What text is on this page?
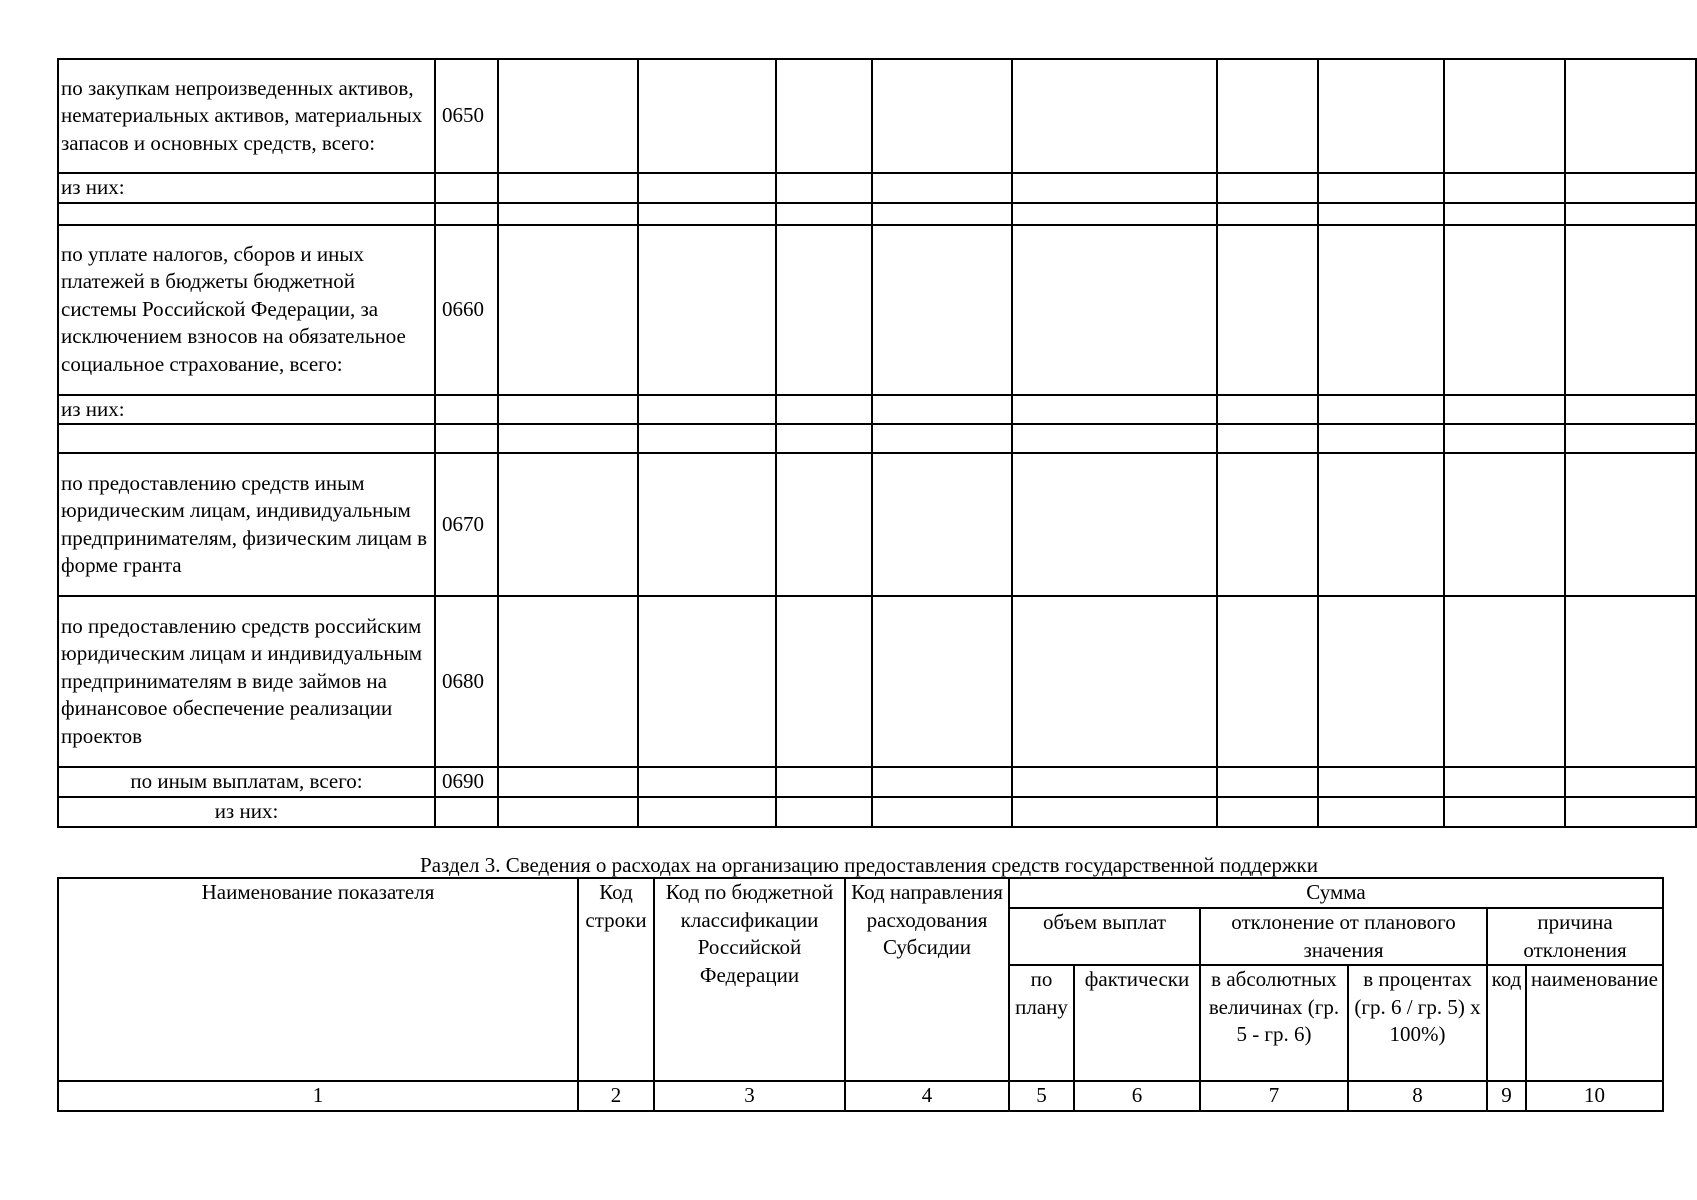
по закупкам непроизведенных активов, нематериальных активов, материальных запасов и основных средств, всего:	0650									
из них:										

по уплате налогов, сборов и иных платежей в бюджеты бюджетной системы Российской Федерации, за исключением взносов на обязательное социальное страхование, всего:	0660									
из них:										

по предоставлению средств иным юридическим лицам, индивидуальным предпринимателям, физическим лицам в форме гранта	0670									
по предоставлению средств российским юридическим лицам и индивидуальным предпринимателям в виде займов на финансовое обеспечение реализации проектов	0680									
по иным выплатам, всего:	0690									
из них:										
Раздел 3. Сведения о расходах на организацию предоставления средств государственной поддержки
Наименование показателя	Код строки	Код по бюджетной классификации Российской Федерации	Код направления расходования Субсидии	Сумма					
				объем выплат		отклонение от планового значения		причина отклонения	
				по плану	фактически	в абсолютных величинах (гр. 5 - гр. 6)	в процентах (гр. 6 / гр. 5) x 100%)	код	наименование

1	2	3	4	5	6	7	8	9	10
